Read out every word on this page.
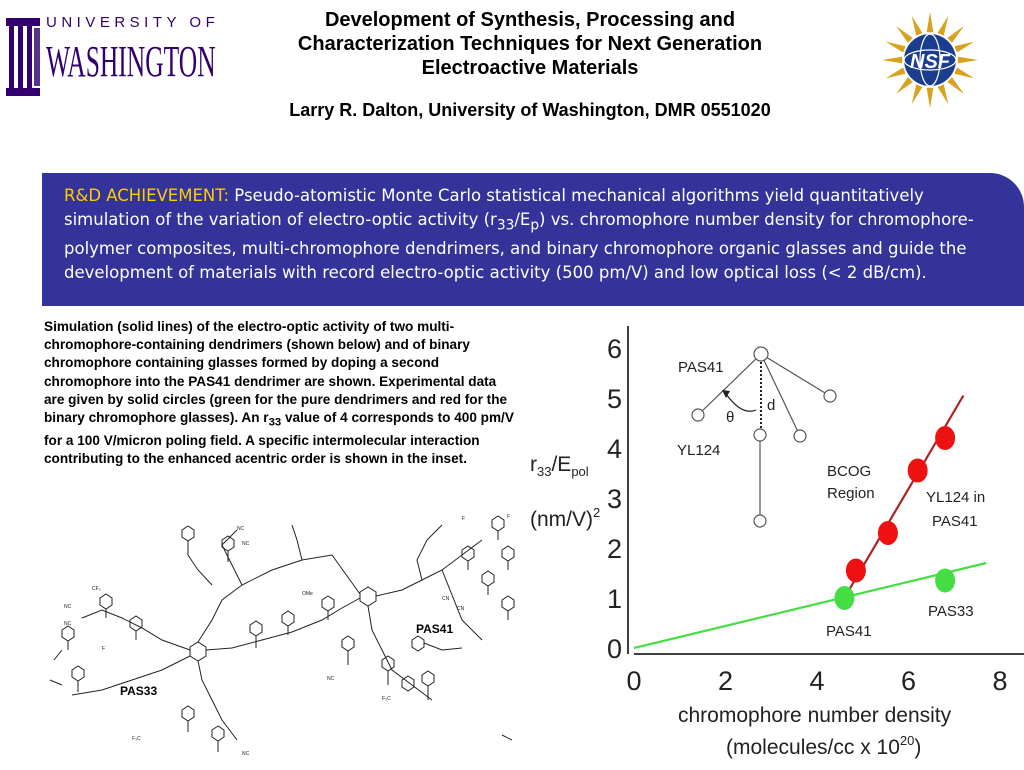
UNIVERSITY OF
WASHINGTON
Development of Synthesis, Processing and
Characterization Techniques for Next Generation
Electroactive Materials
Larry R. Dalton, University of Washington, DMR 0551020
NSF
R&D ACHIEVEMENT: Pseudo-atomistic Monte Carlo statistical mechanical algorithms yield quantitatively simulation of the variation of electro-optic activity $(r_{33}/E_p)$ vs. chromophore number density for chromophore-polymer composites, multi-chromophore dendrimers, and binary chromophore organic glasses and guide the development of materials with record electro-optic activity (500 pm/V) and low optical loss (< 2 dB/cm).
Simulation (solid lines) of the electro-optic activity of two multi-chromophore-containing dendrimers (shown below) and of binary chromophore containing glasses formed by doping a second chromophore into the PAS41 dendrimer are shown. Experimental data are given by solid circles (green for the pure dendrimers and red for the binary chromophore glasses). An $r_{33}$ value of 4 corresponds to 400 pm/V for a 100 V/micron poling field. A specific intermolecular interaction contributing to the enhanced acentric order is shown in the inset.
NC
NC
CF₃
NC
NC
F	F
CN
CN
NC
F₃C
F₃C
NC
OMe
F
PAS41
PAS33	0	2	4	6	8
0
1
2
3
4
5
6
PAS41
YL124
θ
d
BCOG
Region	YL124 in
PAS41
PAS41
PAS33
$r_{33}/E_{pol}$
$(nm/V)^2$
chromophore number density
(molecules/cc x $10^{20}$)
